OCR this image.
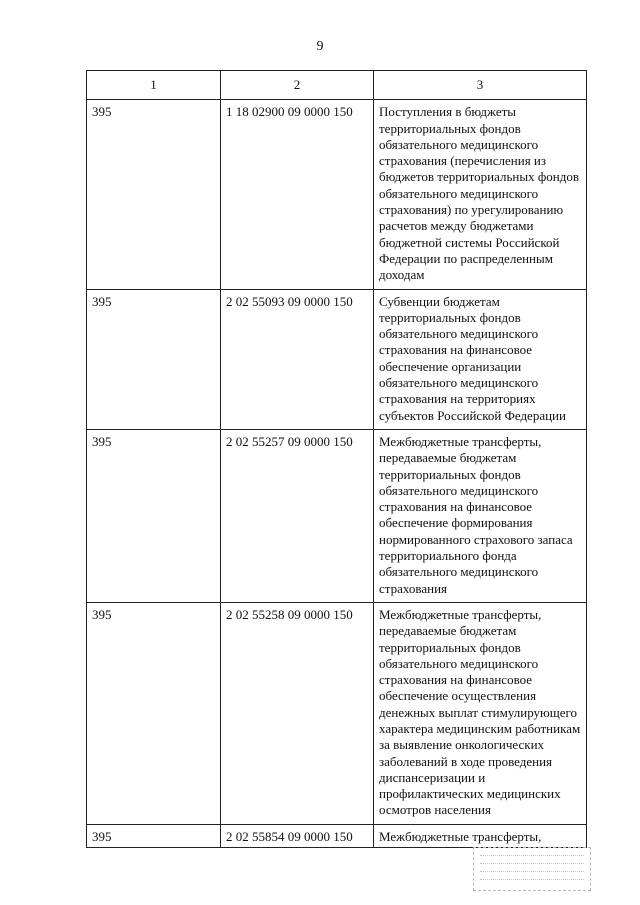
9
1	2	3
395	1 18 02900 09 0000 150	Поступления в бюджеты территориальных фондов обязательного медицинского страхования (перечисления из бюджетов территориальных фондов обязательного медицинского страхования) по урегулированию расчетов между бюджетами бюджетной системы Российской Федерации по распределенным доходам
395	2 02 55093 09 0000 150	Субвенции бюджетам территориальных фондов обязательного медицинского страхования на финансовое обеспечение организации обязательного медицинского страхования на территориях субъектов Российской Федерации
395	2 02 55257 09 0000 150	Межбюджетные трансферты, передаваемые бюджетам территориальных фондов обязательного медицинского страхования на финансовое обеспечение формирования нормированного страхового запаса территориального фонда обязательного медицинского страхования
395	2 02 55258 09 0000 150	Межбюджетные трансферты, передаваемые бюджетам территориальных фондов обязательного медицинского страхования на финансовое обеспечение осуществления денежных выплат стимулирующего характера медицинским работникам за выявление онкологических заболеваний в ходе проведения диспансеризации и профилактических медицинских осмотров населения
395	2 02 55854 09 0000 150	Межбюджетные трансферты,
